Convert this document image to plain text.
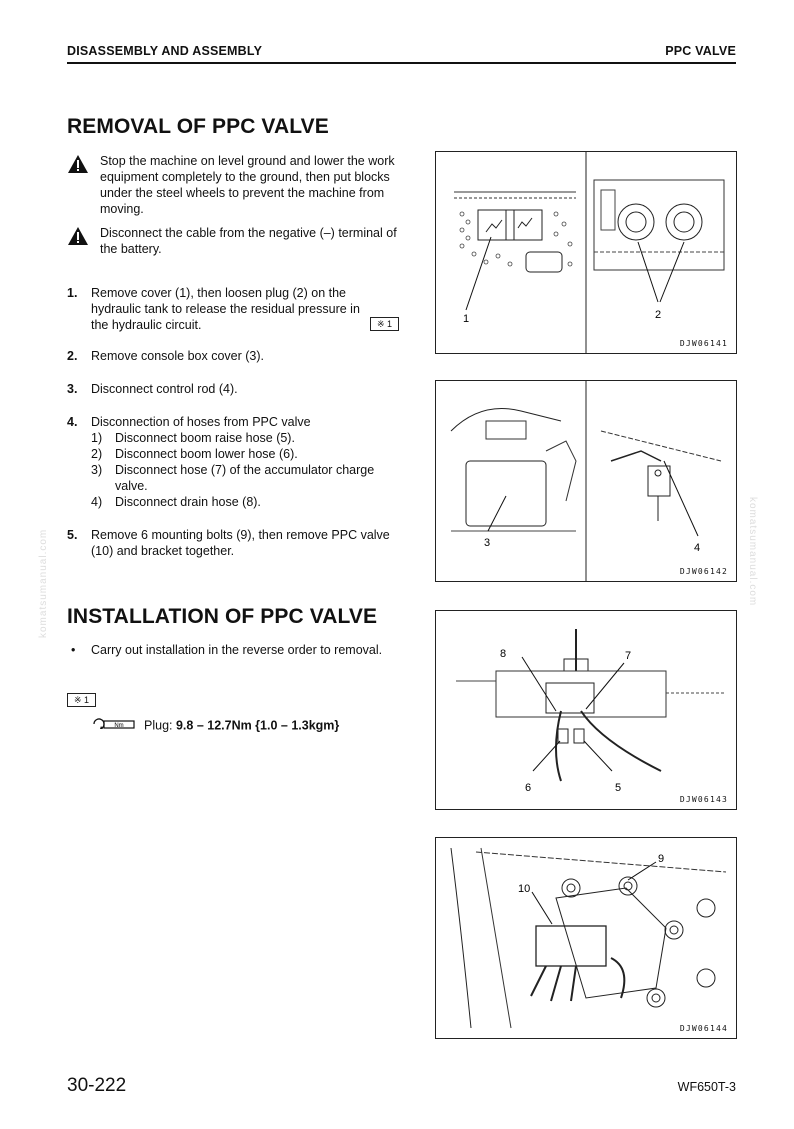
DISASSEMBLY AND ASSEMBLY	PPC VALVE
komatsumanual.com	komatsumanual.com
REMOVAL OF PPC VALVE
Stop the machine on level ground and lower the work equipment completely to the ground, then put blocks under the steel wheels to prevent the machine from moving.
Disconnect the cable from the negative (–) terminal of the battery.
1. Remove cover (1), then loosen plug (2) on the hydraulic tank to release the residual pressure in the hydraulic circuit.	※ 1
2. Remove console box cover (3).
3. Disconnect control rod (4).
4. Disconnection of hoses from PPC valve
1) Disconnect boom raise hose (5).
2) Disconnect boom lower hose (6).
3) Disconnect hose (7) of the accumulator charge valve.
4) Disconnect drain hose (8).
5. Remove 6 mounting bolts (9), then remove PPC valve (10) and bracket together.
INSTALLATION OF PPC VALVE
• Carry out installation in the reverse order to removal.
※ 1
Nm Plug: 9.8 – 12.7Nm {1.0 – 1.3kgm}
1	2
DJW06141
3	4
DJW06142
8	7
6	5
DJW06143
9
10
DJW06144
30-222	WF650T-3
